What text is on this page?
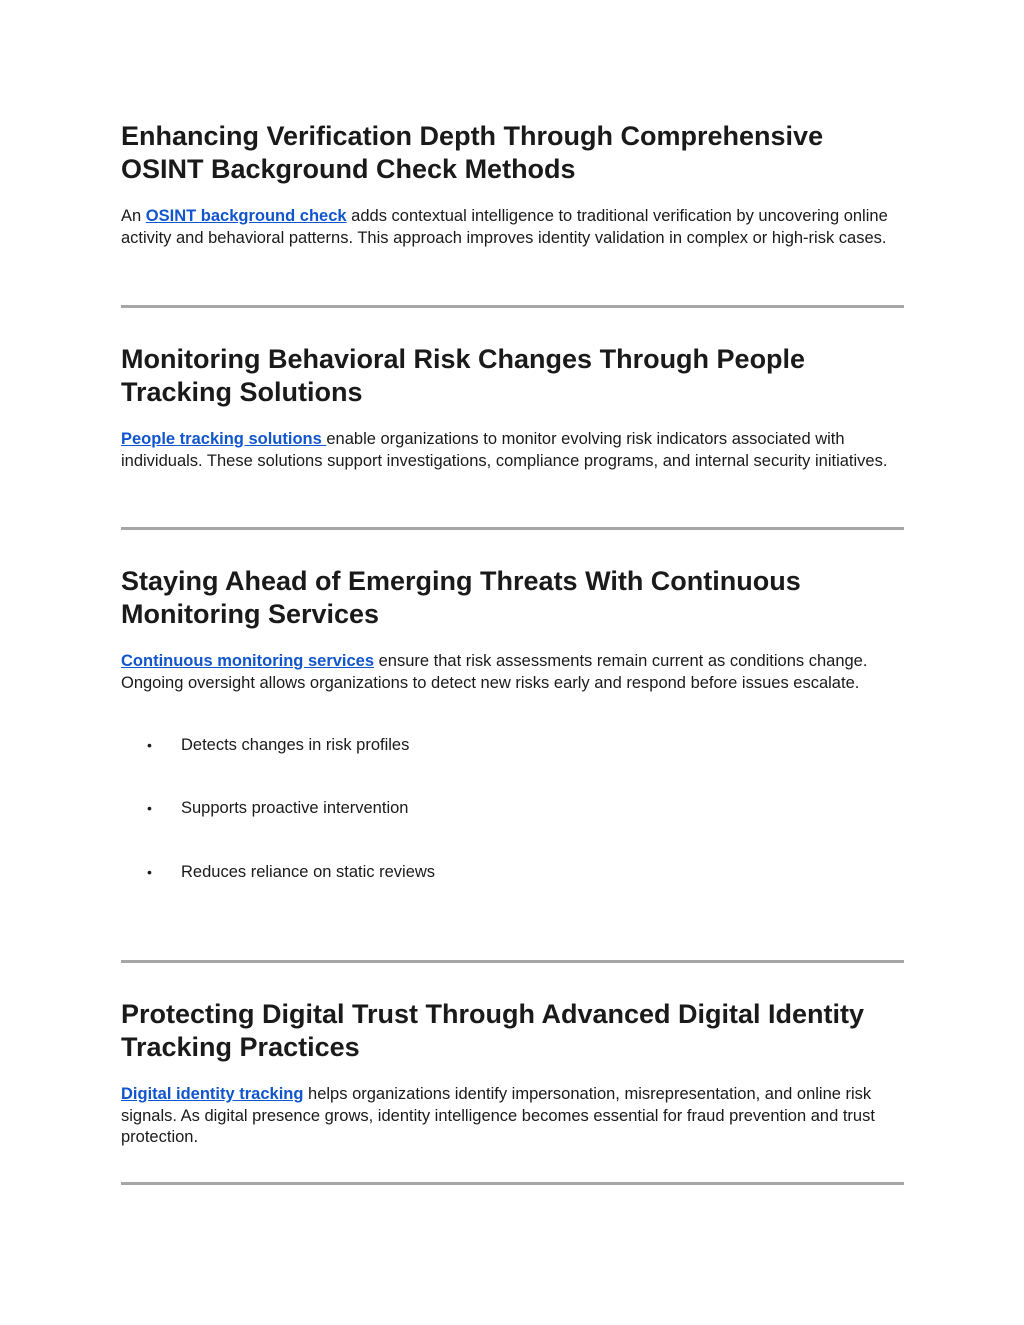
Enhancing Verification Depth Through Comprehensive OSINT Background Check Methods

An OSINT background check adds contextual intelligence to traditional verification by uncovering online activity and behavioral patterns. This approach improves identity validation in complex or high-risk cases.

Monitoring Behavioral Risk Changes Through People Tracking Solutions

People tracking solutions enable organizations to monitor evolving risk indicators associated with individuals. These solutions support investigations, compliance programs, and internal security initiatives.

Staying Ahead of Emerging Threats With Continuous Monitoring Services

Continuous monitoring services ensure that risk assessments remain current as conditions change. Ongoing oversight allows organizations to detect new risks early and respond before issues escalate.

• Detects changes in risk profiles
• Supports proactive intervention
• Reduces reliance on static reviews
Protecting Digital Trust Through Advanced Digital Identity Tracking Practices

Digital identity tracking helps organizations identify impersonation, misrepresentation, and online risk signals. As digital presence grows, identity intelligence becomes essential for fraud prevention and trust protection.
